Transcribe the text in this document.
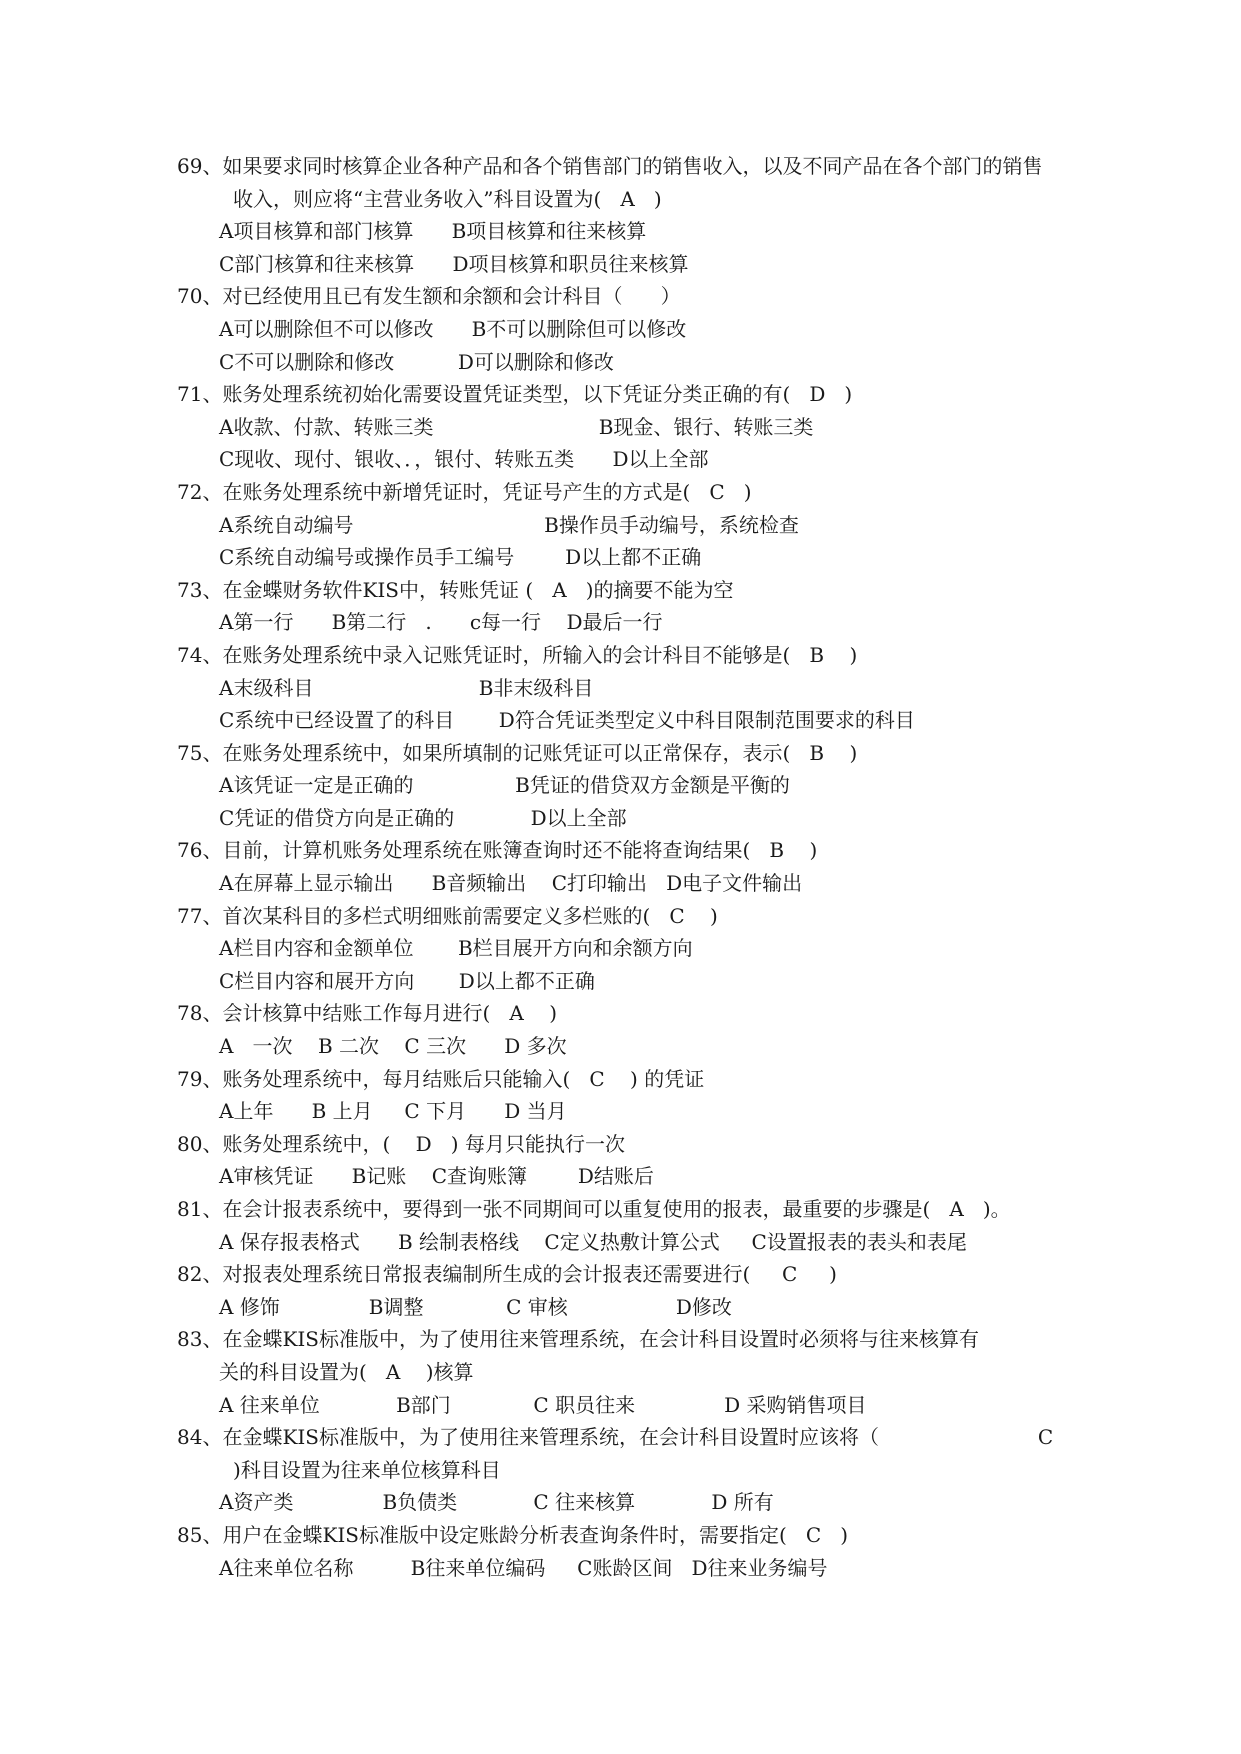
69、如果要求同时核算企业各种产品和各个销售部门的销售收入，以及不同产品在各个部门的销售
收入，则应将“主营业务收入”科目设置为(   A   )
A项目核算和部门核算      B项目核算和往来核算
C部门核算和往来核算      D项目核算和职员往来核算
70、对已经使用且已有发生额和余额和会计科目（      ）
A可以删除但不可以修改      B不可以删除但可以修改
C不可以删除和修改          D可以删除和修改
71、账务处理系统初始化需要设置凭证类型，以下凭证分类正确的有(   D   )
A收款、付款、转账三类                          B现金、银行、转账三类
C现收、现付、银收、．，银付、转账五类      D以上全部
72、在账务处理系统中新增凭证时，凭证号产生的方式是(   C   )
A系统自动编号                              B操作员手动编号，系统检查
C系统自动编号或操作员手工编号        D以上都不正确
73、在金蝶财务软件KIS中，转账凭证 (   A   )的摘要不能为空
A第一行      B第二行   .      c每一行    D最后一行
74、在账务处理系统中录入记账凭证时，所输入的会计科目不能够是(   B    )
A末级科目                          B非末级科目
C系统中已经设置了的科目       D符合凭证类型定义中科目限制范围要求的科目
75、在账务处理系统中，如果所填制的记账凭证可以正常保存，表示(   B    )
A该凭证一定是正确的                B凭证的借贷双方金额是平衡的
C凭证的借贷方向是正确的            D以上全部
76、目前，计算机账务处理系统在账簿查询时还不能将查询结果(   B    )
A在屏幕上显示输出      B音频输出    C打印输出   D电子文件输出
77、首次某科目的多栏式明细账前需要定义多栏账的(   C    )
A栏目内容和金额单位       B栏目展开方向和余额方向
C栏目内容和展开方向       D以上都不正确
78、会计核算中结账工作每月进行(   A    )
A   一次    B 二次    C 三次      D 多次
79、账务处理系统中，每月结账后只能输入(   C    ) 的凭证
A上年      B 上月     C 下月      D 当月
80、账务处理系统中，(    D   ) 每月只能执行一次
A审核凭证      B记账    C查询账簿        D结账后
81、在会计报表系统中，要得到一张不同期间可以重复使用的报表，最重要的步骤是(   A   )。
A 保存报表格式      B 绘制表格线    C定义热敷计算公式     C设置报表的表头和表尾
82、对报表处理系统日常报表编制所生成的会计报表还需要进行(     C     )
A 修饰              B调整             C 审核                 D修改
83、在金蝶KIS标准版中，为了使用往来管理系统，在会计科目设置时必须将与往来核算有
关的科目设置为(   A    )核算
A 往来单位            B部门             C 职员往来              D 采购销售项目
84、在金蝶KIS标准版中，为了使用往来管理系统，在会计科目设置时应该将（                         C
)科目设置为往来单位核算科目
A资产类              B负债类            C 往来核算            D 所有
85、用户在金蝶KIS标准版中设定账龄分析表查询条件时，需要指定(   C   )
A往来单位名称         B往来单位编码     C账龄区间   D往来业务编号
